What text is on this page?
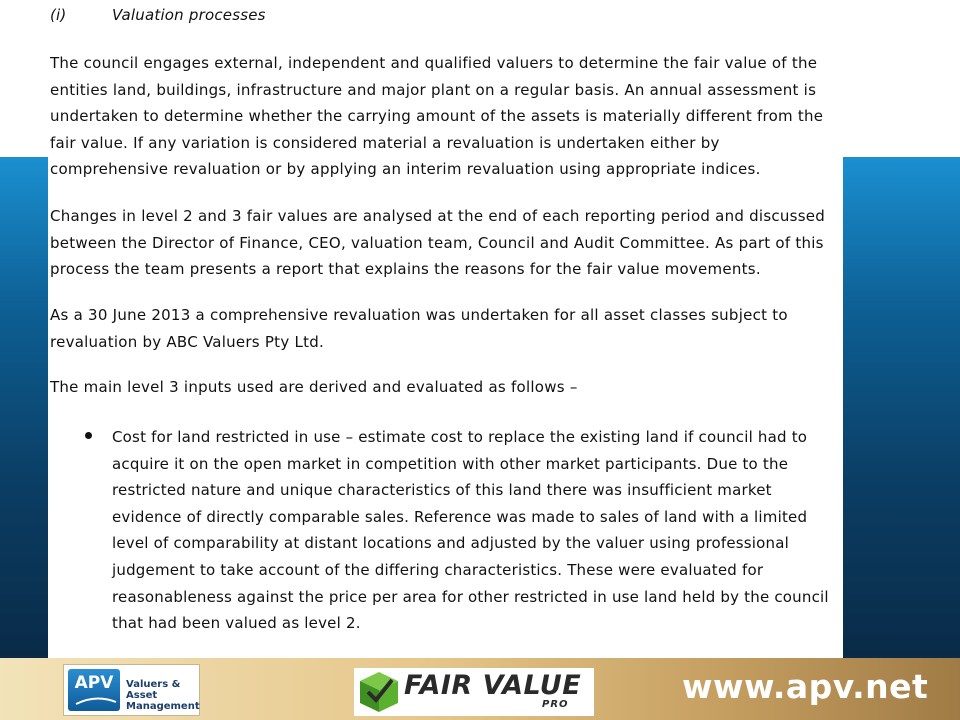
(i)	Valuation processes

The council engages external, independent and qualified valuers to determine the fair value of the entities land, buildings, infrastructure and major plant on a regular basis. An annual assessment is undertaken to determine whether the carrying amount of the assets is materially different from the fair value. If any variation is considered material a revaluation is undertaken either by comprehensive revaluation or by applying an interim revaluation using appropriate indices.

Changes in level 2 and 3 fair values are analysed at the end of each reporting period and discussed between the Director of Finance, CEO, valuation team, Council and Audit Committee. As part of this process the team presents a report that explains the reasons for the fair value movements.

As a 30 June 2013 a comprehensive revaluation was undertaken for all asset classes subject to revaluation by ABC Valuers Pty Ltd.

The main level 3 inputs used are derived and evaluated as follows –

Cost for land restricted in use – estimate cost to replace the existing land if council had to acquire it on the open market in competition with other market participants. Due to the restricted nature and unique characteristics of this land there was insufficient market evidence of directly comparable sales. Reference was made to sales of land with a limited level of comparability at distant locations and adjusted by the valuer using professional judgement to take account of the differing characteristics. These were evaluated for reasonableness against the price per area for other restricted in use land held by the council that had been valued as level 2.

APV	Valuers & Asset
Management
FAIR VALUE
PRO	www.apv.net
